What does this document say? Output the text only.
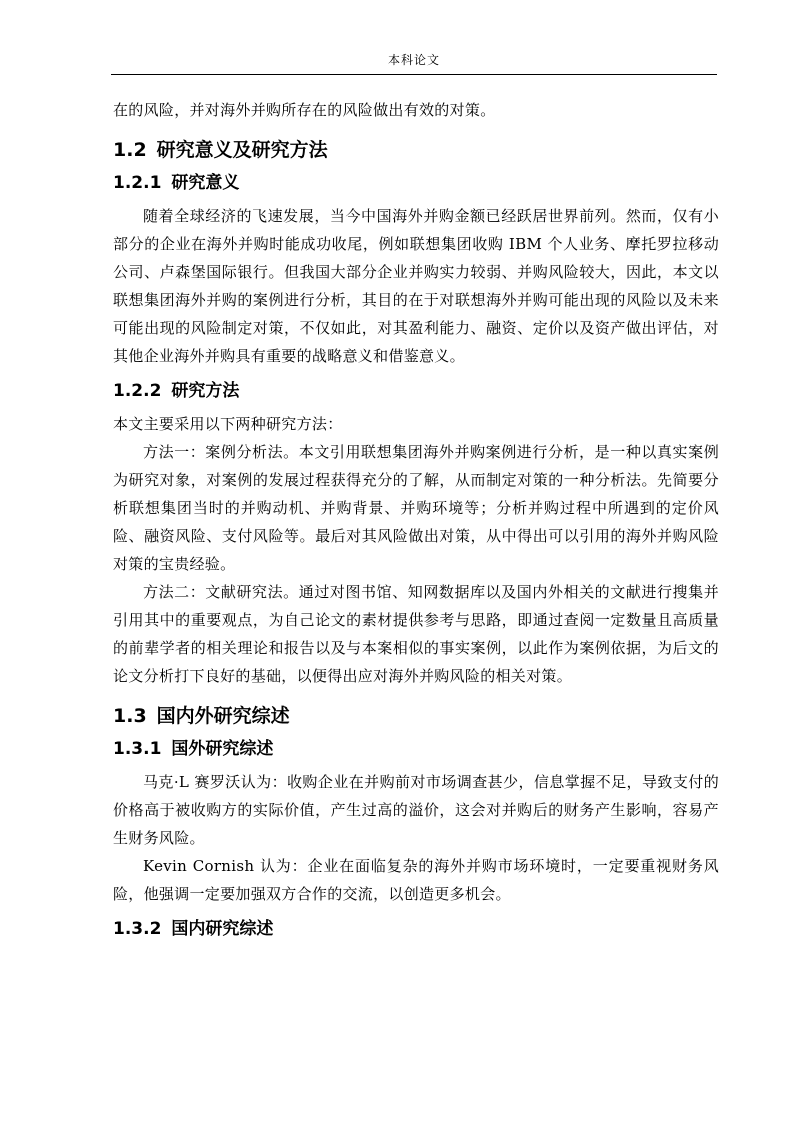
本科论文

在的风险，并对海外并购所存在的风险做出有效的对策。

1.2 研究意义及研究方法
1.2.1 研究意义

随着全球经济的飞速发展，当今中国海外并购金额已经跃居世界前列。然而，仅有小部分的企业在海外并购时能成功收尾，例如联想集团收购 IBM 个人业务、摩托罗拉移动公司、卢森堡国际银行。但我国大部分企业并购实力较弱、并购风险较大，因此，本文以联想集团海外并购的案例进行分析，其目的在于对联想海外并购可能出现的风险以及未来可能出现的风险制定对策，不仅如此，对其盈利能力、融资、定价以及资产做出评估，对其他企业海外并购具有重要的战略意义和借鉴意义。

1.2.2 研究方法

本文主要采用以下两种研究方法：

方法一：案例分析法。本文引用联想集团海外并购案例进行分析，是一种以真实案例为研究对象，对案例的发展过程获得充分的了解，从而制定对策的一种分析法。先简要分析联想集团当时的并购动机、并购背景、并购环境等；分析并购过程中所遇到的定价风险、融资风险、支付风险等。最后对其风险做出对策，从中得出可以引用的海外并购风险对策的宝贵经验。

方法二：文献研究法。通过对图书馆、知网数据库以及国内外相关的文献进行搜集并引用其中的重要观点，为自己论文的素材提供参考与思路，即通过查阅一定数量且高质量的前辈学者的相关理论和报告以及与本案相似的事实案例，以此作为案例依据，为后文的论文分析打下良好的基础，以便得出应对海外并购风险的相关对策。

1.3 国内外研究综述
1.3.1 国外研究综述

马克·L 赛罗沃认为：收购企业在并购前对市场调查甚少，信息掌握不足，导致支付的价格高于被收购方的实际价值，产生过高的溢价，这会对并购后的财务产生影响，容易产生财务风险。

Kevin Cornish 认为：企业在面临复杂的海外并购市场环境时，一定要重视财务风险，他强调一定要加强双方合作的交流，以创造更多机会。

1.3.2 国内研究综述
